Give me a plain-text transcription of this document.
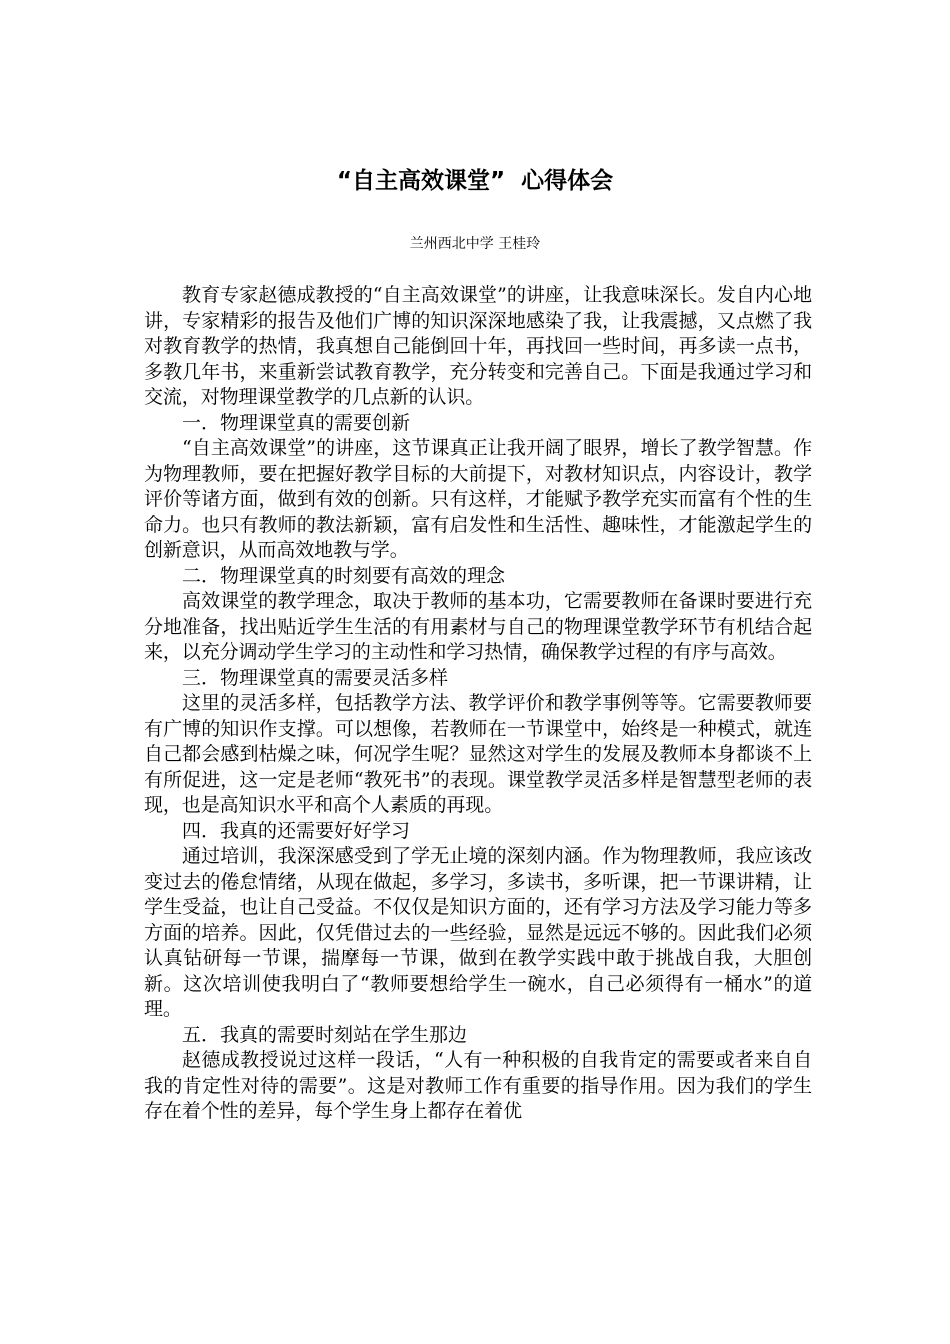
“自主高效课堂”  心得体会
兰州西北中学 王桂玲

教育专家赵德成教授的“自主高效课堂”的讲座，让我意味深长。发自内心地讲，专家精彩的报告及他们广博的知识深深地感染了我，让我震撼，又点燃了我对教育教学的热情，我真想自己能倒回十年，再找回一些时间，再多读一点书，多教几年书，来重新尝试教育教学，充分转变和完善自己。下面是我通过学习和交流，对物理课堂教学的几点新的认识。

一．物理课堂真的需要创新

“自主高效课堂”的讲座，这节课真正让我开阔了眼界，增长了教学智慧。作为物理教师，要在把握好教学目标的大前提下，对教材知识点，内容设计，教学评价等诸方面，做到有效的创新。只有这样，才能赋予教学充实而富有个性的生命力。也只有教师的教法新颖，富有启发性和生活性、趣味性，才能激起学生的创新意识，从而高效地教与学。

二．物理课堂真的时刻要有高效的理念

高效课堂的教学理念，取决于教师的基本功，它需要教师在备课时要进行充分地准备，找出贴近学生生活的有用素材与自己的物理课堂教学环节有机结合起来，以充分调动学生学习的主动性和学习热情，确保教学过程的有序与高效。

三．物理课堂真的需要灵活多样

这里的灵活多样，包括教学方法、教学评价和教学事例等等。它需要教师要有广博的知识作支撑。可以想像，若教师在一节课堂中，始终是一种模式，就连自己都会感到枯燥之味，何况学生呢？显然这对学生的发展及教师本身都谈不上有所促进，这一定是老师“教死书”的表现。课堂教学灵活多样是智慧型老师的表现，也是高知识水平和高个人素质的再现。

四．我真的还需要好好学习

通过培训，我深深感受到了学无止境的深刻内涵。作为物理教师，我应该改变过去的倦怠情绪，从现在做起，多学习，多读书，多听课，把一节课讲精，让学生受益，也让自己受益。不仅仅是知识方面的，还有学习方法及学习能力等多方面的培养。因此，仅凭借过去的一些经验，显然是远远不够的。因此我们必须认真钻研每一节课，揣摩每一节课，做到在教学实践中敢于挑战自我，大胆创新。这次培训使我明白了“教师要想给学生一碗水，自己必须得有一桶水”的道理。

五．我真的需要时刻站在学生那边

赵德成教授说过这样一段话，“人有一种积极的自我肯定的需要或者来自自我的肯定性对待的需要”。这是对教师工作有重要的指导作用。因为我们的学生存在着个性的差异，每个学生身上都存在着优
